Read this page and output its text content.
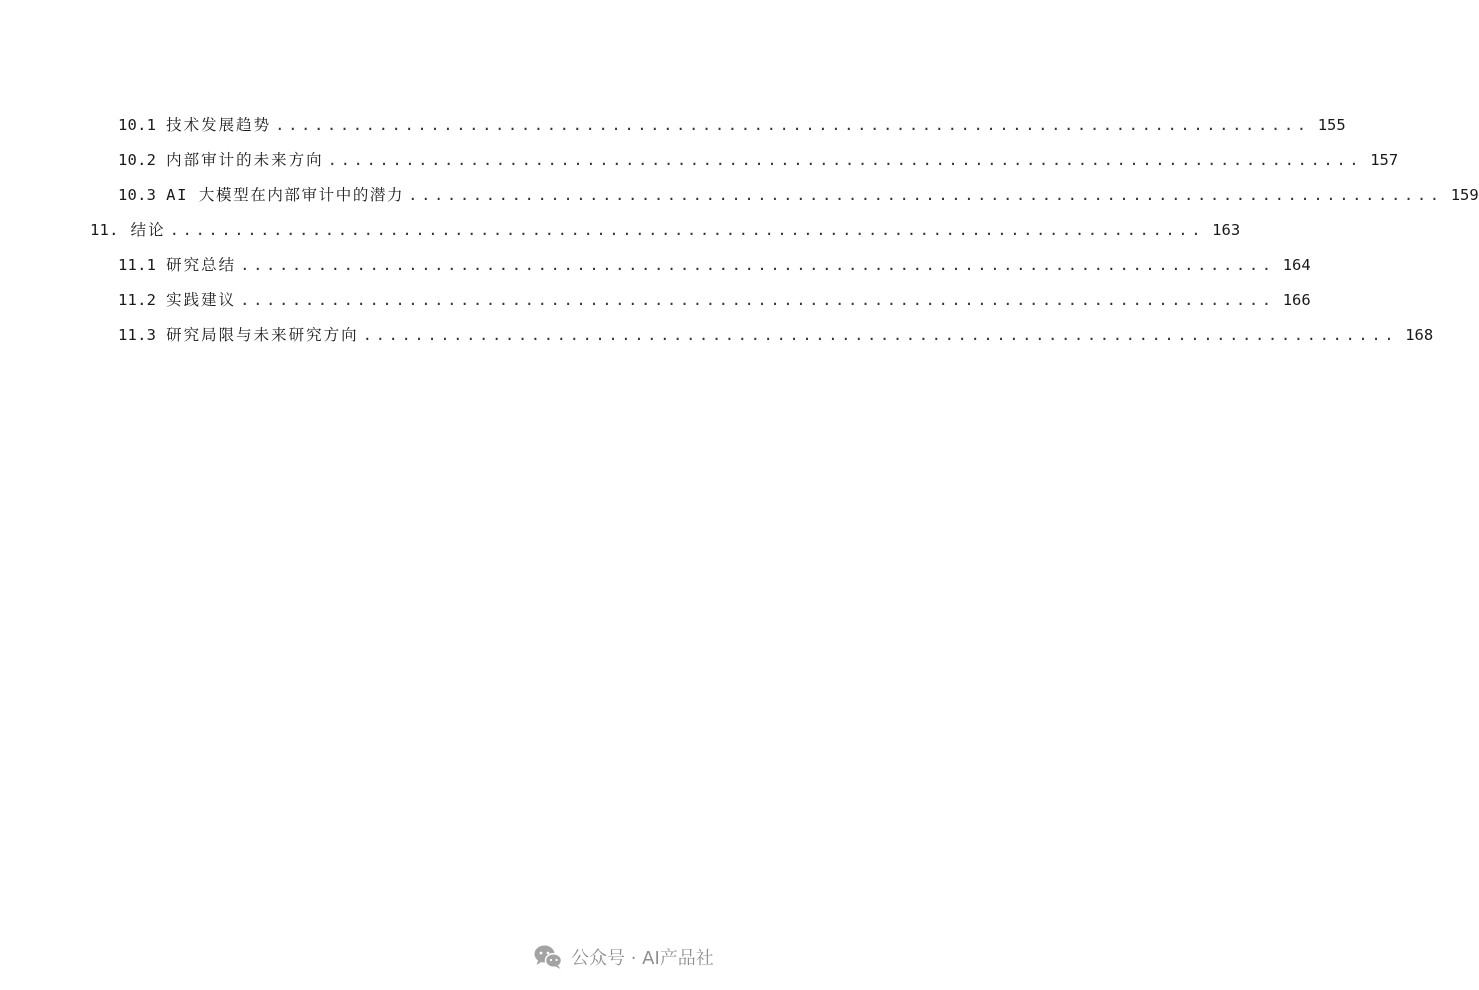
10.1 技术发展趋势 ................................................................................ 155
10.2 内部审计的未来方向 ................................................................................ 157
10.3 AI 大模型在内部审计中的潜力 ................................................................................ 159
11. 结论 ................................................................................ 163
11.1 研究总结 ................................................................................ 164
11.2 实践建议 ................................................................................ 166
11.3 研究局限与未来研究方向 ................................................................................ 168
公众号 · AI产品社
